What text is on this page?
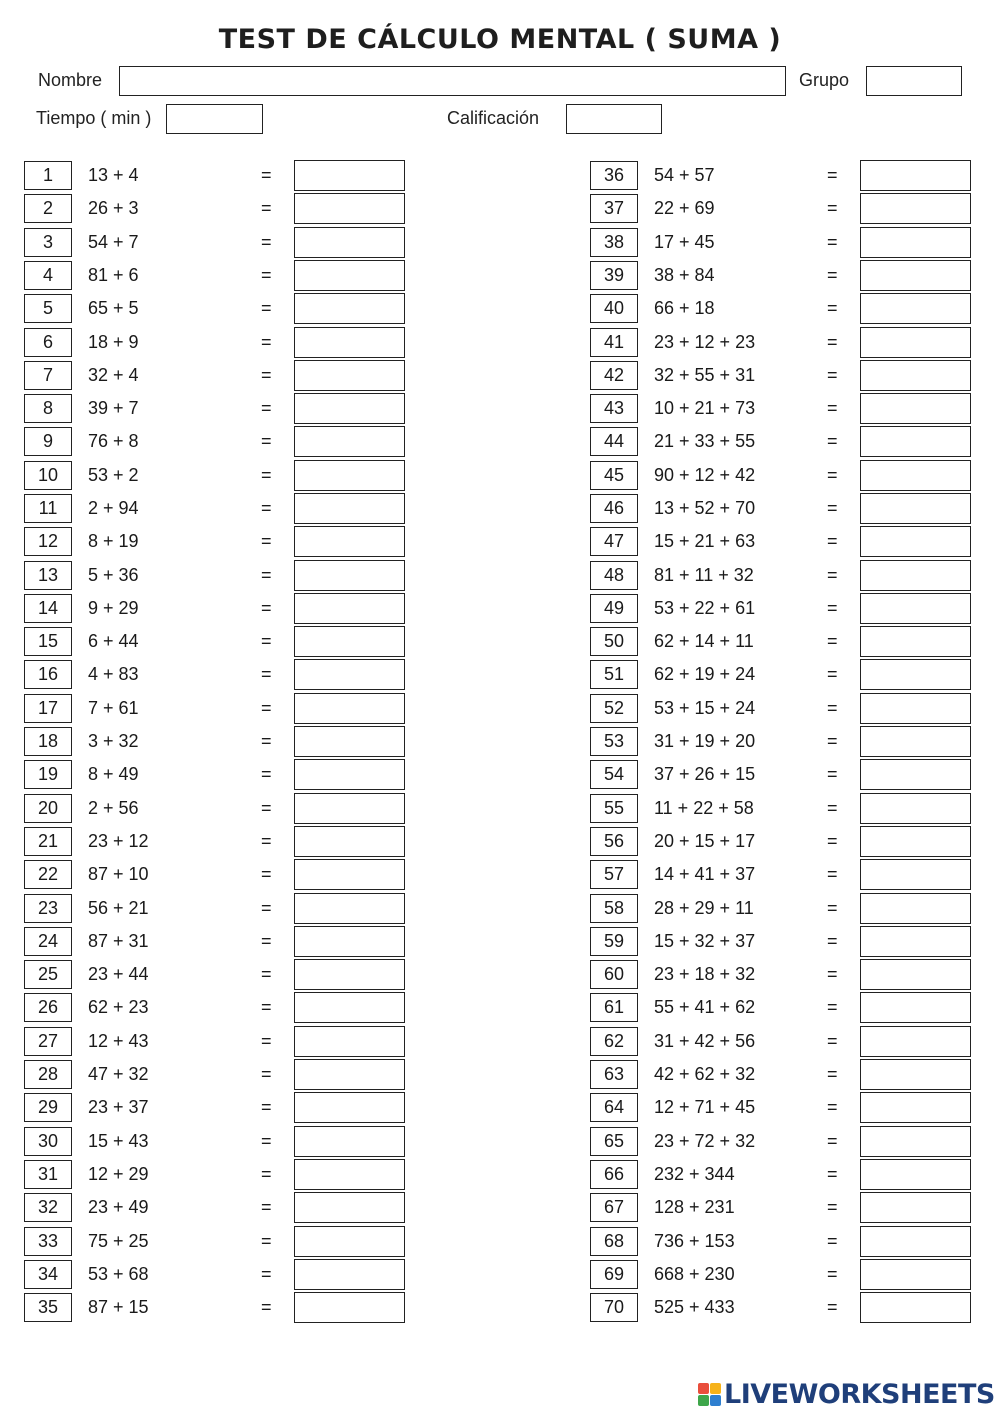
TEST DE CÁLCULO MENTAL ( SUMA )
Nombre	Grupo
Tiempo ( min )	Calificación
1	13 + 4	=
2	26 + 3	=
3	54 + 7	=
4	81 + 6	=
5	65 + 5	=
6	18 + 9	=
7	32 + 4	=
8	39 + 7	=
9	76 + 8	=
10	53 + 2	=
11	2 + 94	=
12	8 + 19	=
13	5 + 36	=
14	9 + 29	=
15	6 + 44	=
16	4 + 83	=
17	7 + 61	=
18	3 + 32	=
19	8 + 49	=
20	2 + 56	=
21	23 + 12	=
22	87 + 10	=
23	56 + 21	=
24	87 + 31	=
25	23 + 44	=
26	62 + 23	=
27	12 + 43	=
28	47 + 32	=
29	23 + 37	=
30	15 + 43	=
31	12 + 29	=
32	23 + 49	=
33	75 + 25	=
34	53 + 68	=
35	87 + 15	=
36	54 + 57	=
37	22 + 69	=
38	17 + 45	=
39	38 + 84	=
40	66 + 18	=
41	23 + 12 + 23	=
42	32 + 55 + 31	=
43	10 + 21 + 73	=
44	21 + 33 + 55	=
45	90 + 12 + 42	=
46	13 + 52 + 70	=
47	15 + 21 + 63	=
48	81 + 11 + 32	=
49	53 + 22 + 61	=
50	62 + 14 + 11	=
51	62 + 19 + 24	=
52	53 + 15 + 24	=
53	31 + 19 + 20	=
54	37 + 26 + 15	=
55	11 + 22 + 58	=
56	20 + 15 + 17	=
57	14 + 41 + 37	=
58	28 + 29 + 11	=
59	15 + 32 + 37	=
60	23 + 18 + 32	=
61	55 + 41 + 62	=
62	31 + 42 + 56	=
63	42 + 62 + 32	=
64	12 + 71 + 45	=
65	23 + 72 + 32	=
66	232 + 344	=
67	128 + 231	=
68	736 + 153	=
69	668 + 230	=
70	525 + 433	=
LIVEWORKSHEETS
